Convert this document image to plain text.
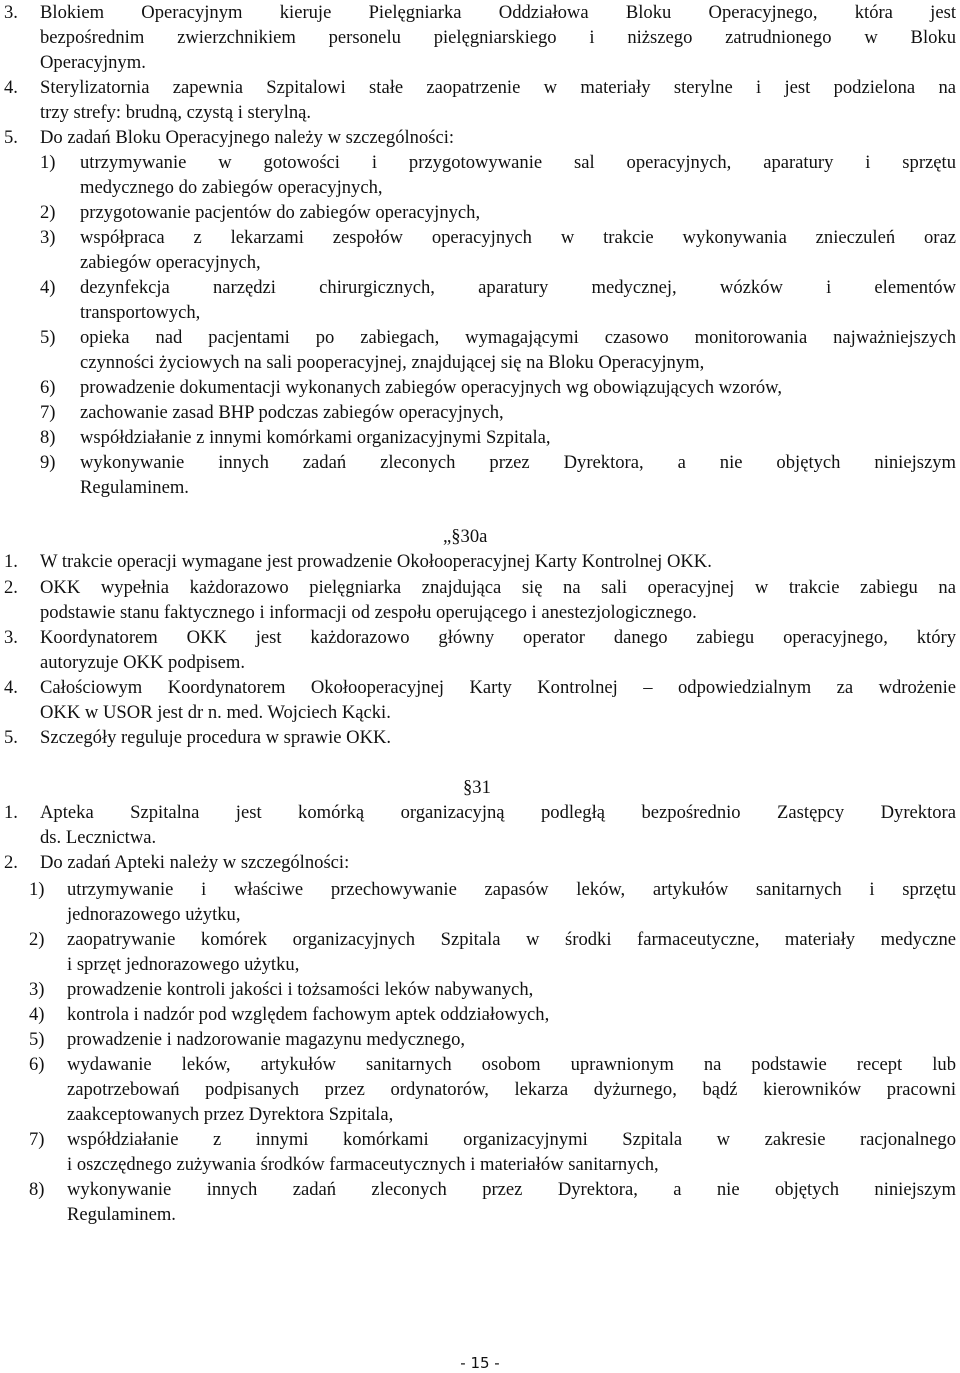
3. Blokiem Operacyjnym kieruje Pielęgniarka Oddziałowa Bloku Operacyjnego, która jest
bezpośrednim zwierzchnikiem personelu pielęgniarskiego i niższego zatrudnionego w Bloku
Operacyjnym.
4. Sterylizatornia zapewnia Szpitalowi stałe zaopatrzenie w materiały sterylne i jest podzielona na
trzy strefy: brudną, czystą i sterylną.
5. Do zadań Bloku Operacyjnego należy w szczególności:
1) utrzymywanie w gotowości i przygotowywanie sal operacyjnych, aparatury i sprzętu
medycznego do zabiegów operacyjnych,
2) przygotowanie pacjentów do zabiegów operacyjnych,
3) współpraca z lekarzami zespołów operacyjnych w trakcie wykonywania znieczuleń oraz
zabiegów operacyjnych,
4) dezynfekcja narzędzi chirurgicznych, aparatury medycznej, wózków i elementów
transportowych,
5) opieka nad pacjentami po zabiegach, wymagającymi czasowo monitorowania najważniejszych
czynności życiowych na sali pooperacyjnej, znajdującej się na Bloku Operacyjnym,
6) prowadzenie dokumentacji wykonanych zabiegów operacyjnych wg obowiązujących wzorów,
7) zachowanie zasad BHP podczas zabiegów operacyjnych,
8) współdziałanie z innymi komórkami organizacyjnymi Szpitala,
9) wykonywanie innych zadań zleconych przez Dyrektora, a nie objętych niniejszym
Regulaminem.
„§30a
1. W trakcie operacji wymagane jest prowadzenie Okołooperacyjnej Karty Kontrolnej OKK.
2. OKK wypełnia każdorazowo pielęgniarka znajdująca się na sali operacyjnej w trakcie zabiegu na
podstawie stanu faktycznego i informacji od zespołu operującego i anestezjologicznego.
3. Koordynatorem OKK jest każdorazowo główny operator danego zabiegu operacyjnego, który
autoryzuje OKK podpisem.
4. Całościowym Koordynatorem Okołooperacyjnej Karty Kontrolnej – odpowiedzialnym za wdrożenie
OKK w USOR jest dr n. med. Wojciech Kącki.
5. Szczegóły reguluje procedura w sprawie OKK.
§31
1. Apteka Szpitalna jest komórką organizacyjną podległą bezpośrednio Zastępcy Dyrektora
ds. Lecznictwa.
2. Do zadań Apteki należy w szczególności:
1) utrzymywanie i właściwe przechowywanie zapasów leków, artykułów sanitarnych i sprzętu
jednorazowego użytku,
2) zaopatrywanie komórek organizacyjnych Szpitala w środki farmaceutyczne, materiały medyczne
i sprzęt jednorazowego użytku,
3) prowadzenie kontroli jakości i tożsamości leków nabywanych,
4) kontrola i nadzór pod względem fachowym aptek oddziałowych,
5) prowadzenie i nadzorowanie magazynu medycznego,
6) wydawanie leków, artykułów sanitarnych osobom uprawnionym na podstawie recept lub
zapotrzebowań podpisanych przez ordynatorów, lekarza dyżurnego, bądź kierowników pracowni
zaakceptowanych przez Dyrektora Szpitala,
7) współdziałanie z innymi komórkami organizacyjnymi Szpitala w zakresie racjonalnego
i oszczędnego zużywania środków farmaceutycznych i materiałów sanitarnych,
8) wykonywanie innych zadań zleconych przez Dyrektora, a nie objętych niniejszym
Regulaminem.
- 15 -
